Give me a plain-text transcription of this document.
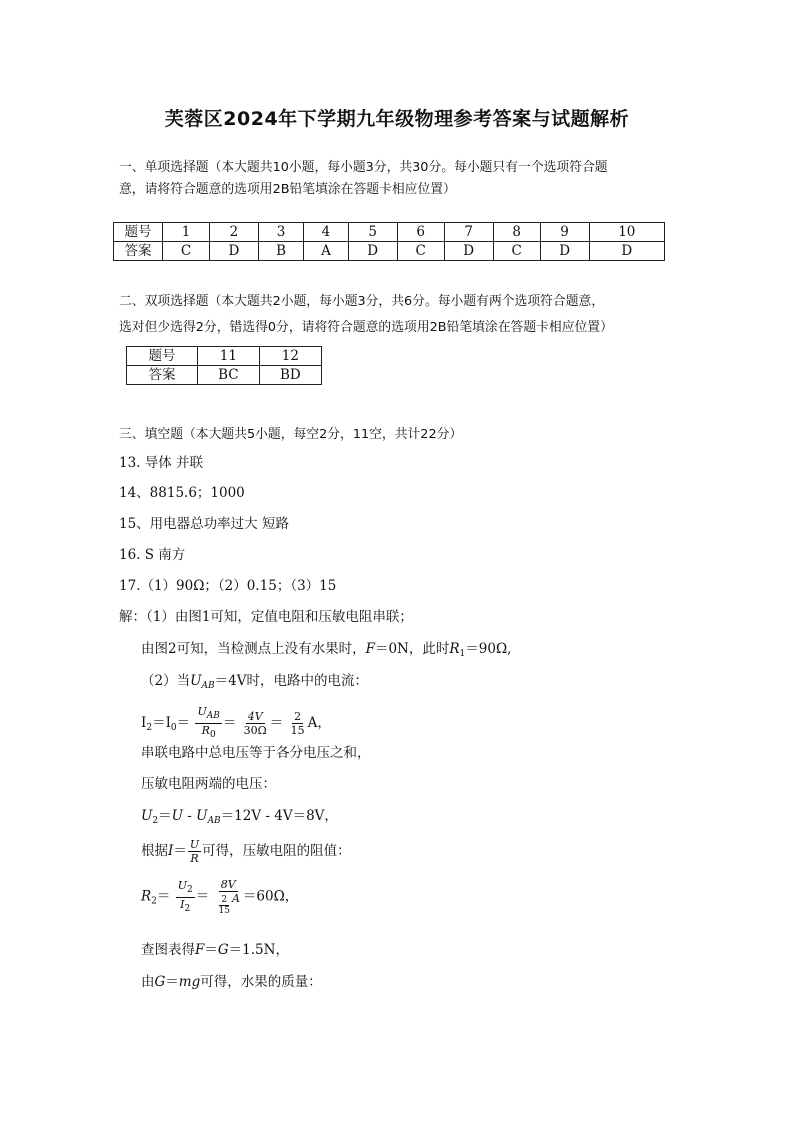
芙蓉区2024年下学期九年级物理参考答案与试题解析
一、单项选择题（本大题共10小题，每小题3分，共30分。每小题只有一个选项符合题
意，请将符合题意的选项用2B铅笔填涂在答题卡相应位置）
题号	1	2	3	4	5	6	7	8	9	10
答案	C	D	B	A	D	C	D	C	D	D
二、双项选择题（本大题共2小题，每小题3分，共6分。每小题有两个选项符合题意，
选对但少选得2分，错选得0分，请将符合题意的选项用2B铅笔填涂在答题卡相应位置）
题号	11	12
答案	BC	BD
三、填空题（本大题共5小题，每空2分，11空，共计22分）
13. 导体 并联
14、8815.6；1000
15、用电器总功率过大 短路
16. S 南方
17.（1）90Ω；（2）0.15；（3）15
解：（1）由图1可知，定值电阻和压敏电阻串联；
由图2可知，当检测点上没有水果时，F＝0N，此时$R_1=90\Omega$,
（2）当$U_{AB}=4V$时，电路中的电流：
$I_2=I_0= \frac{U_{AB}}{R_0} = \frac{4V}{30\Omega} = \frac{2}{15}$ A，
串联电路中总电压等于各分电压之和，
压敏电阻两端的电压：
$U_2=U - U_{AB}=12V - 4V=8V$，
根据$I= \frac{U}{R}$ 可得，压敏电阻的阻值：
$R_2= \frac{U_2}{I_2} = \frac{8V}{\frac{2}{15} A} =60\Omega$，
查图表得F＝G＝1.5N，
由G＝mg可得，水果的质量：
